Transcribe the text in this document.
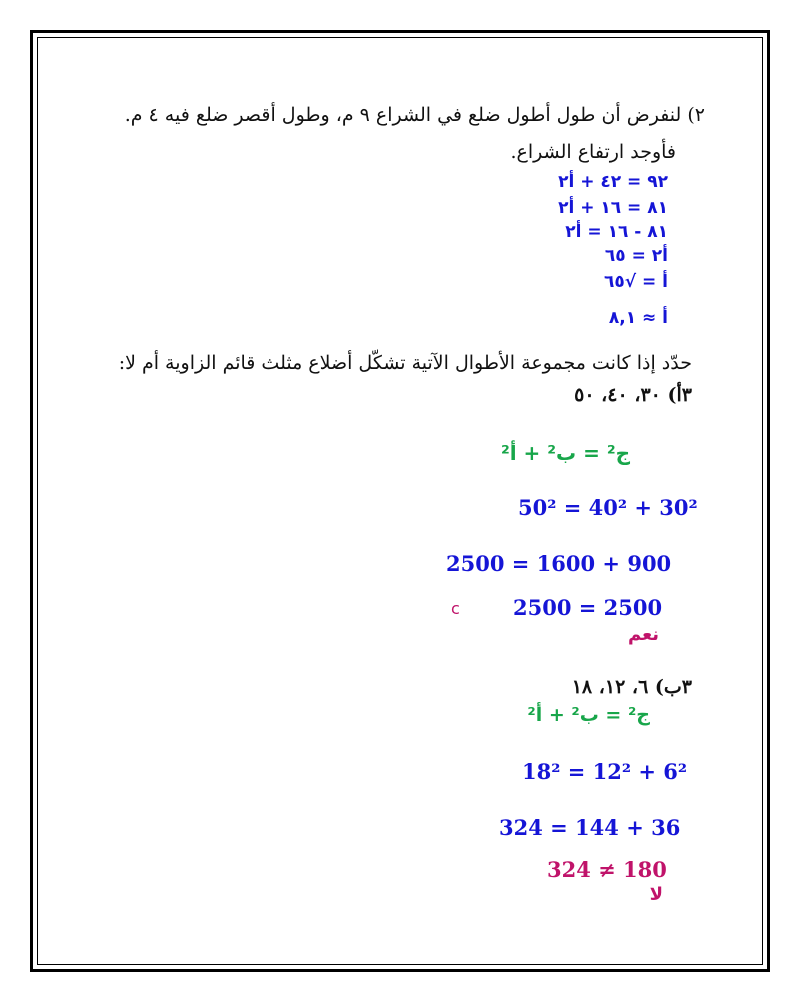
٢) لنفرض أن طول أطول ضلع في الشراع ٩ م، وطول أقصر ضلع فيه ٤ م.
فأوجد ارتفاع الشراع.
٩٢ = ٤٢ + أ٢
٨١ = ١٦ + أ٢
٨١ - ١٦ = أ٢
أ٢ = ٦٥
أ = √٦٥
أ ≈ ٨,١
حدّد إذا كانت مجموعة الأطوال الآتية تشكّل أضلاع مثلث قائم الزاوية أم لا:
٣أ) ٣٠، ٤٠، ٥٠
ج² = ب² + أ²
50² = 40² + 30²
2500 = 1600 + 900
2500 = 2500
c
نعم
٣ب) ٦، ١٢، ١٨
ج² = ب² + أ²
18² = 12² + 6²
324 = 144 + 36
324 ≠ 180
لا
